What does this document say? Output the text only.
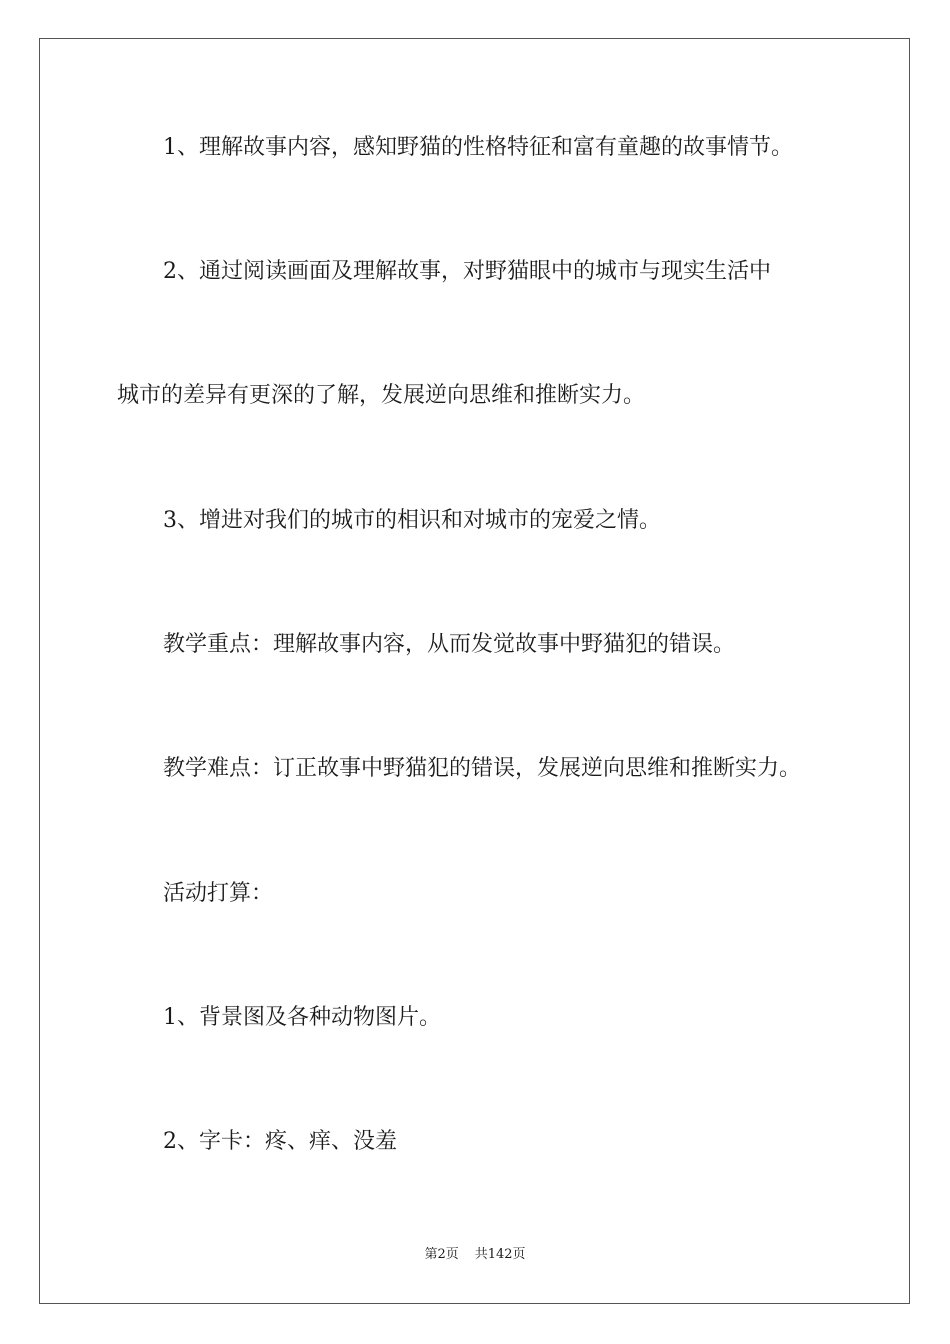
1、理解故事内容，感知野猫的性格特征和富有童趣的故事情节。

2、通过阅读画面及理解故事，对野猫眼中的城市与现实生活中

城市的差异有更深的了解，发展逆向思维和推断实力。

3、增进对我们的城市的相识和对城市的宠爱之情。

教学重点：理解故事内容，从而发觉故事中野猫犯的错误。

教学难点：订正故事中野猫犯的错误，发展逆向思维和推断实力。

活动打算：

1、背景图及各种动物图片。

2、字卡：疼、痒、没羞

第2页 共142页
